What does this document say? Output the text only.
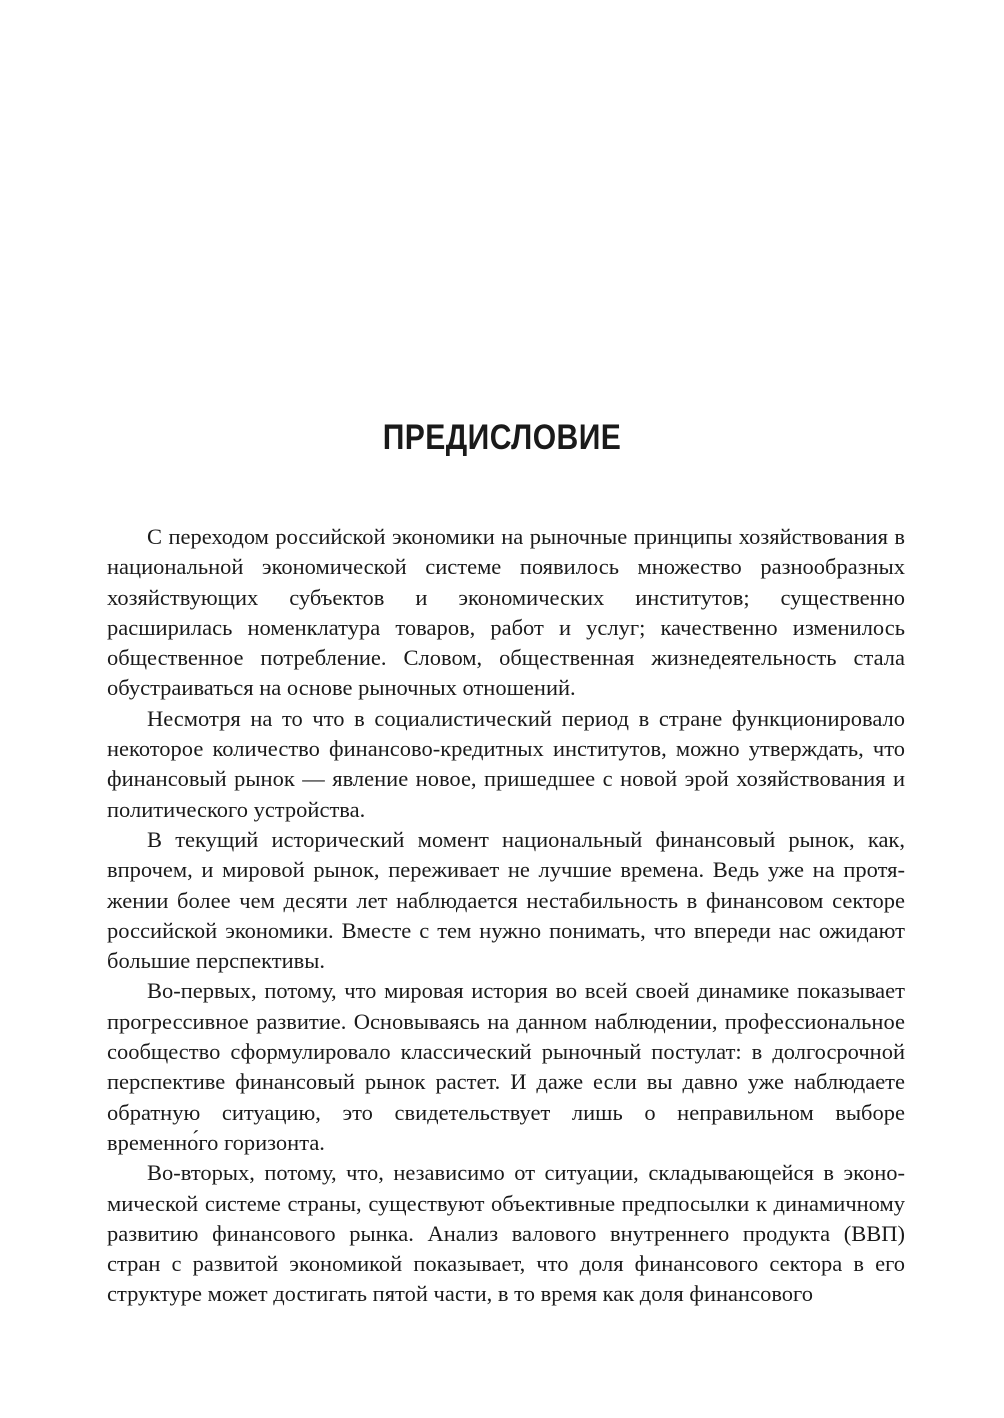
ПРЕДИСЛОВИЕ

С переходом российской экономики на рыночные принципы хозяйствования в национальной экономической системе появилось множество разнообразных хозяйствующих субъектов и экономических институтов; существенно расширилась номенклатура товаров, работ и услуг; качественно изменилось общественное потребление. Словом, общественная жизнедеятельность стала обустраиваться на основе рыночных отношений.

Несмотря на то что в социалистический период в стране функционировало некоторое количество финансово-кредитных институтов, можно утверждать, что финансовый рынок — явление новое, пришедшее с новой эрой хозяйствования и политического устройства.

В текущий исторический момент национальный финансовый рынок, как, впрочем, и мировой рынок, переживает не лучшие времена. Ведь уже на протяжении более чем десяти лет наблюдается нестабильность в финансовом секторе российской экономики. Вместе с тем нужно понимать, что впереди нас ожидают большие перспективы.

Во-первых, потому, что мировая история во всей своей динамике показывает прогрессивное развитие. Основываясь на данном наблюдении, профессиональное сообщество сформулировало классический рыночный постулат: в долгосрочной перспективе финансовый рынок растет. И даже если вы давно уже наблюдаете обратную ситуацию, это свидетельствует лишь о неправильном выборе временно́го горизонта.

Во-вторых, потому, что, независимо от ситуации, складывающейся в экономической системе страны, существуют объективные предпосылки к динамичному развитию финансового рынка. Анализ валового внутреннего продукта (ВВП) стран с развитой экономикой показывает, что доля финансового сектора в его структуре может достигать пятой части, в то время как доля финансового
